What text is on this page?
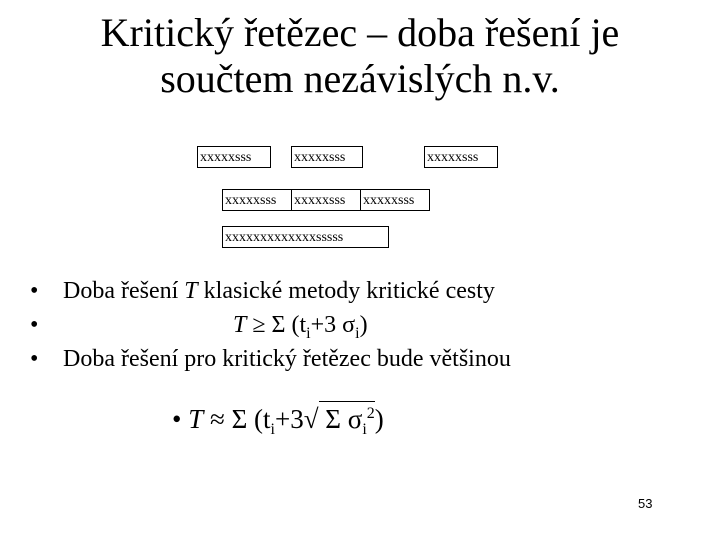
Kritický řetězec – doba řešení je
součtem nezávislých n.v.
xxxxxsss	xxxxxsss	xxxxxsss
xxxxxsss	xxxxxsss	xxxxxsss
xxxxxxxxxxxxxsssss
• Doba řešení T klasické metody kritické cesty
•	T ≥ Σ ($t_i+3$ $\sigma_i$)
• Doba řešení pro kritický řetězec bude většinou
• T ≈ Σ ($t_i+3√$ Σ $\sigma_i^2$)
53
